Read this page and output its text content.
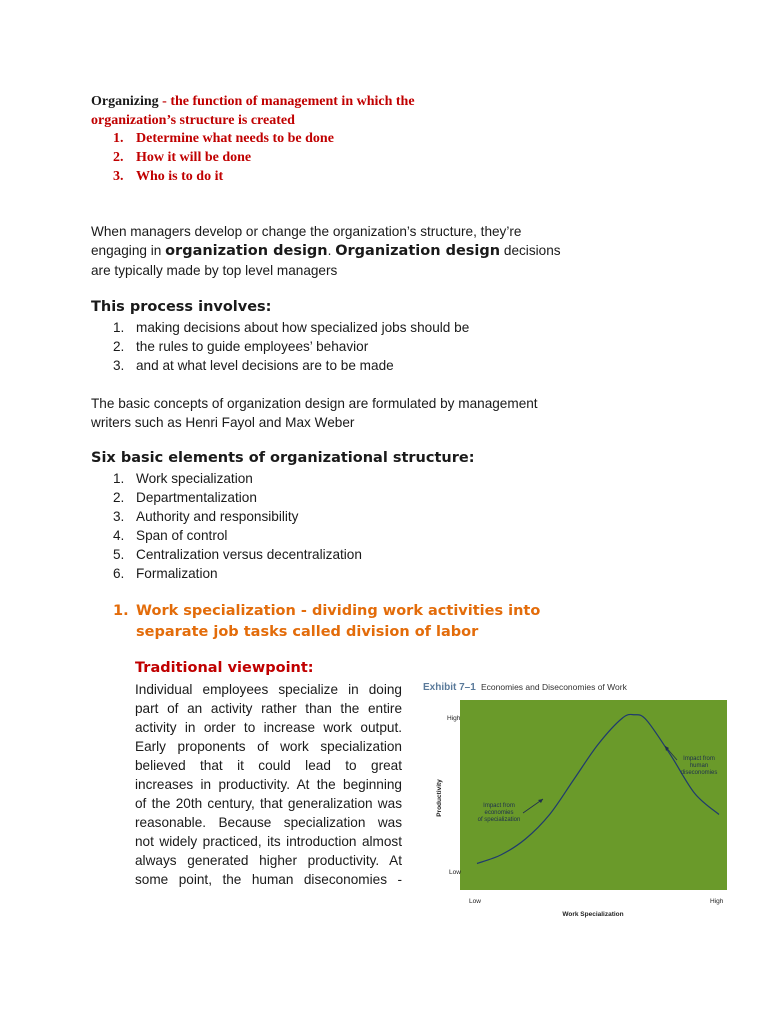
Organizing - the function of management in which the
organization’s structure is created
1. Determine what needs to be done
2. How it will be done
3. Who is to do it
When managers develop or change the organization’s structure, they’re
engaging in organization design. Organization design decisions
are typically made by top level managers
This process involves:
1. making decisions about how specialized jobs should be
2. the rules to guide employees’ behavior
3. and at what level decisions are to be made
The basic concepts of organization design are formulated by management
writers such as Henri Fayol and Max Weber
Six basic elements of organizational structure:
1. Work specialization
2. Departmentalization
3. Authority and responsibility
4. Span of control
5. Centralization versus decentralization
6. Formalization
1. Work specialization - dividing work activities into
separate job tasks called division of labor
Traditional viewpoint:
Individual employees specialize in doing
part of an activity rather than the entire
activity in order to increase work output.
Early proponents of work specialization
believed that it could lead to great
increases in productivity. At the beginning
of the 20th century, that generalization was
reasonable. Because specialization was
not widely practiced, its introduction almost
always generated higher productivity. At
some point, the human diseconomies -
Exhibit 7–1 Economies and Diseconomies of Work
High
Low
Low	High
Work Specialization
Productivity	Impact from economies of specialization
Impact from human diseconomies
